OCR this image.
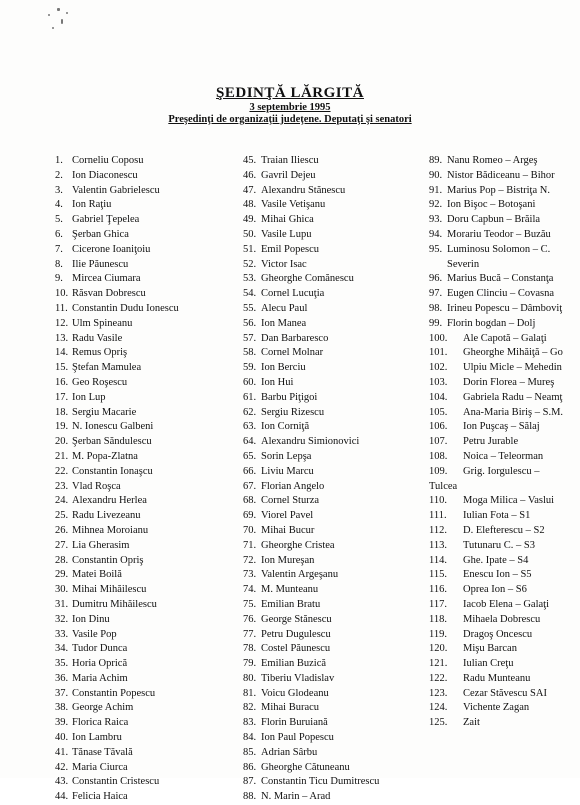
ŞEDINŢĂ LĂRGITĂ

3 septembrie 1995

Preşedinţi de organizaţii judeţene. Deputaţi şi senatori

1. Corneliu Coposu
2. Ion Diaconescu
3. Valentin Gabrielescu
4. Ion Raţiu
5. Gabriel Ţepelea
6. Şerban Ghica
7. Cicerone Ioaniţoiu
8. Ilie Păunescu
9. Mircea Ciumara
10. Răsvan Dobrescu
11. Constantin Dudu Ionescu
12. Ulm Spineanu
13. Radu Vasile
14. Remus Opriş
15. Ştefan Mamulea
16. Geo Roşescu
17. Ion Lup
18. Sergiu Macarie
19. N. Ionescu Galbeni
20. Şerban Săndulescu
21. M. Popa-Zlatna
22. Constantin Ionaşcu
23. Vlad Roşca
24. Alexandru Herlea
25. Radu Livezeanu
26. Mihnea Moroianu
27. Lia Gherasim
28. Constantin Opriş
29. Matei Boilă
30. Mihai Mihăilescu
31. Dumitru Mihăilescu
32. Ion Dinu
33. Vasile Pop
34. Tudor Dunca
35. Horia Oprică
36. Maria Achim
37. Constantin Popescu
38. George Achim
39. Florica Raica
40. Ion Lambru
41. Tănase Tăvală
42. Maria Ciurca
43. Constantin Cristescu
44. Felicia Haica
45. Traian Iliescu
46. Gavril Dejeu
47. Alexandru Stănescu
48. Vasile Vetişanu
49. Mihai Ghica
50. Vasile Lupu
51. Emil Popescu
52. Victor Isac
53. Gheorghe Comănescu
54. Cornel Lucuţia
55. Alecu Paul
56. Ion Manea
57. Dan Barbaresco
58. Cornel Molnar
59. Ion Berciu
60. Ion Hui
61. Barbu Piţigoi
62. Sergiu Rizescu
63. Ion Corniţă
64. Alexandru Simionovici
65. Sorin Lepşa
66. Liviu Marcu
67. Florian Angelo
68. Cornel Sturza
69. Viorel Pavel
70. Mihai Bucur
71. Gheorghe Cristea
72. Ion Mureşan
73. Valentin Argeşanu
74. M. Munteanu
75. Emilian Bratu
76. George Stănescu
77. Petru Dugulescu
78. Costel Păunescu
79. Emilian Buzică
80. Tiberiu Vladislav
81. Voicu Glodeanu
82. Mihai Buracu
83. Florin Buruiană
84. Ion Paul Popescu
85. Adrian Sârbu
86. Gheorghe Cătuneanu
87. Constantin Ticu Dumitrescu
88. N. Marin – Arad
89. Nanu Romeo – Argeş
90. Nistor Bădiceanu – Bihor
91. Marius Pop – Bistriţa N.
92. Ion Bişoc – Botoşani
93. Doru Capbun – Brăila
94. Morariu Teodor – Buzău
95. Luminosu Solomon – C.
Severin
96. Marius Bucă – Constanţa
97. Eugen Clinciu – Covasna
98. Irineu Popescu – Dâmboviţ
99. Florin bogdan – Dolj
100.	Ale Capotă – Galaţi
101.	Gheorghe Mihăiţă – Go
102.	Ulpiu Micle – Mehedin
103.	Dorin Florea – Mureş
104.	Gabriela Radu – Neamţ
105.	Ana-Maria Biriş – S.M.
106.	Ion Puşcaş – Sălaj
107.	Petru Jurable
108.	Noica – Teleorman
109.	Grig. Iorgulescu –
Tulcea
110.	Moga Milica – Vaslui
111.	Iulian Fota – S1
112.	D. Elefterescu – S2
113.	Tutunaru C. – S3
114.	Ghe. Ipate – S4
115.	Enescu Ion – S5
116.	Oprea Ion – S6
117.	Iacob Elena – Galaţi
118.	Mihaela Dobrescu
119.	Dragoş Oncescu
120.	Mişu Barcan
121.	Iulian Creţu
122.	Radu Munteanu
123.	Cezar Stăvescu SAI
124.	Vichente Zagan
125.	Zait
